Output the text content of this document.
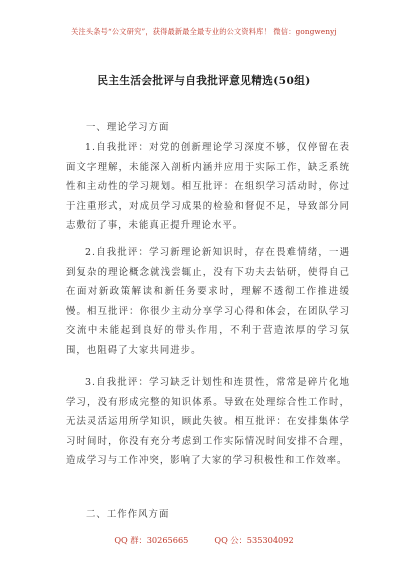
关注头条号“公文研究”，获得最新最全最专业的公文资料库！ 微信：gongwenyj
民主生活会批评与自我批评意见精选(50组)

一、理论学习方面

1.自我批评：对党的创新理论学习深度不够，仅停留在表面文字理解，未能深入剖析内涵并应用于实际工作，缺乏系统性和主动性的学习规划。相互批评：在组织学习活动时，你过于注重形式，对成员学习成果的检验和督促不足，导致部分同志敷衍了事，未能真正提升理论水平。

2.自我批评：学习新理论新知识时，存在畏难情绪，一遇到复杂的理论概念就浅尝辄止，没有下功夫去钻研，使得自己在面对新政策解读和新任务要求时，理解不透彻工作推进缓慢。相互批评：你很少主动分享学习心得和体会，在团队学习交流中未能起到良好的带头作用，不利于营造浓厚的学习氛围，也阻碍了大家共同进步。

3.自我批评：学习缺乏计划性和连贯性，常常是碎片化地学习，没有形成完整的知识体系。导致在处理综合性工作时，无法灵活运用所学知识，顾此失彼。相互批评：在安排集体学习时间时，你没有充分考虑到工作实际情况时间安排不合理，造成学习与工作冲突，影响了大家的学习积极性和工作效率。

二、工作作风方面

QQ 群：30265665	QQ 公：535304092
